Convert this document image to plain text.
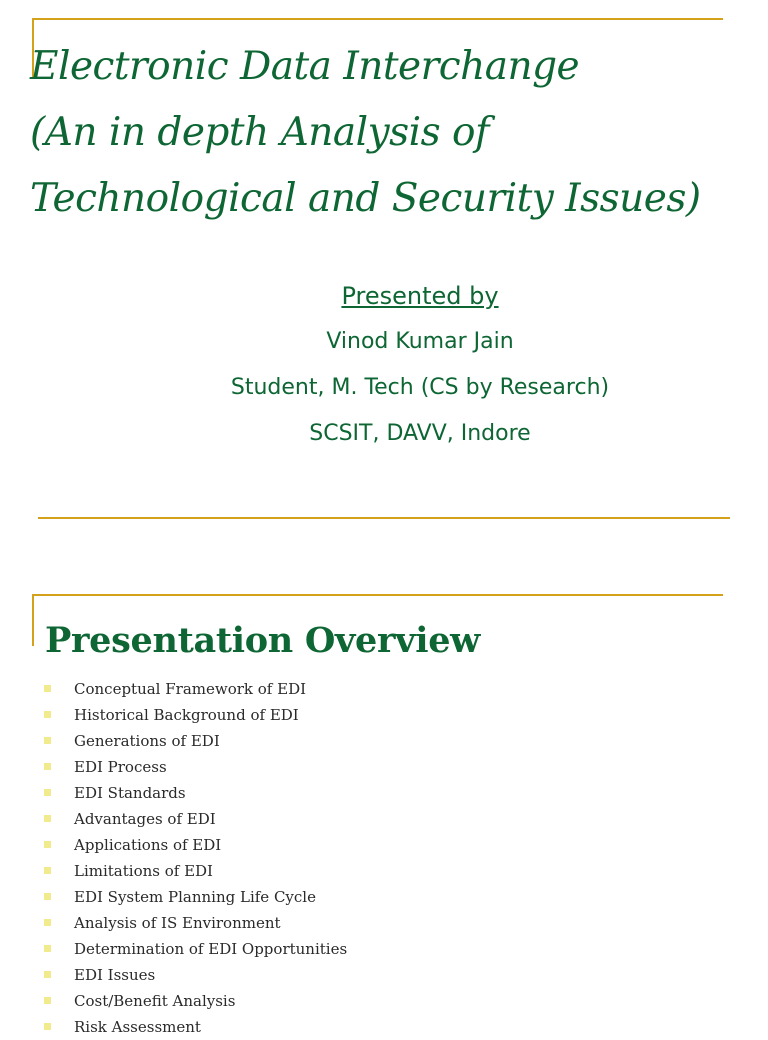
Electronic Data Interchange
(An in depth Analysis of
Technological and Security Issues)
Presented by
Vinod Kumar Jain
Student, M. Tech (CS by Research)
SCSIT, DAVV, Indore
Presentation Overview
Conceptual Framework of EDI
Historical Background of EDI
Generations of EDI
EDI Process
EDI Standards
Advantages of EDI
Applications of EDI
Limitations of EDI
EDI System Planning Life Cycle
Analysis of IS Environment
Determination of EDI Opportunities
EDI Issues
Cost/Benefit Analysis
Risk Assessment
